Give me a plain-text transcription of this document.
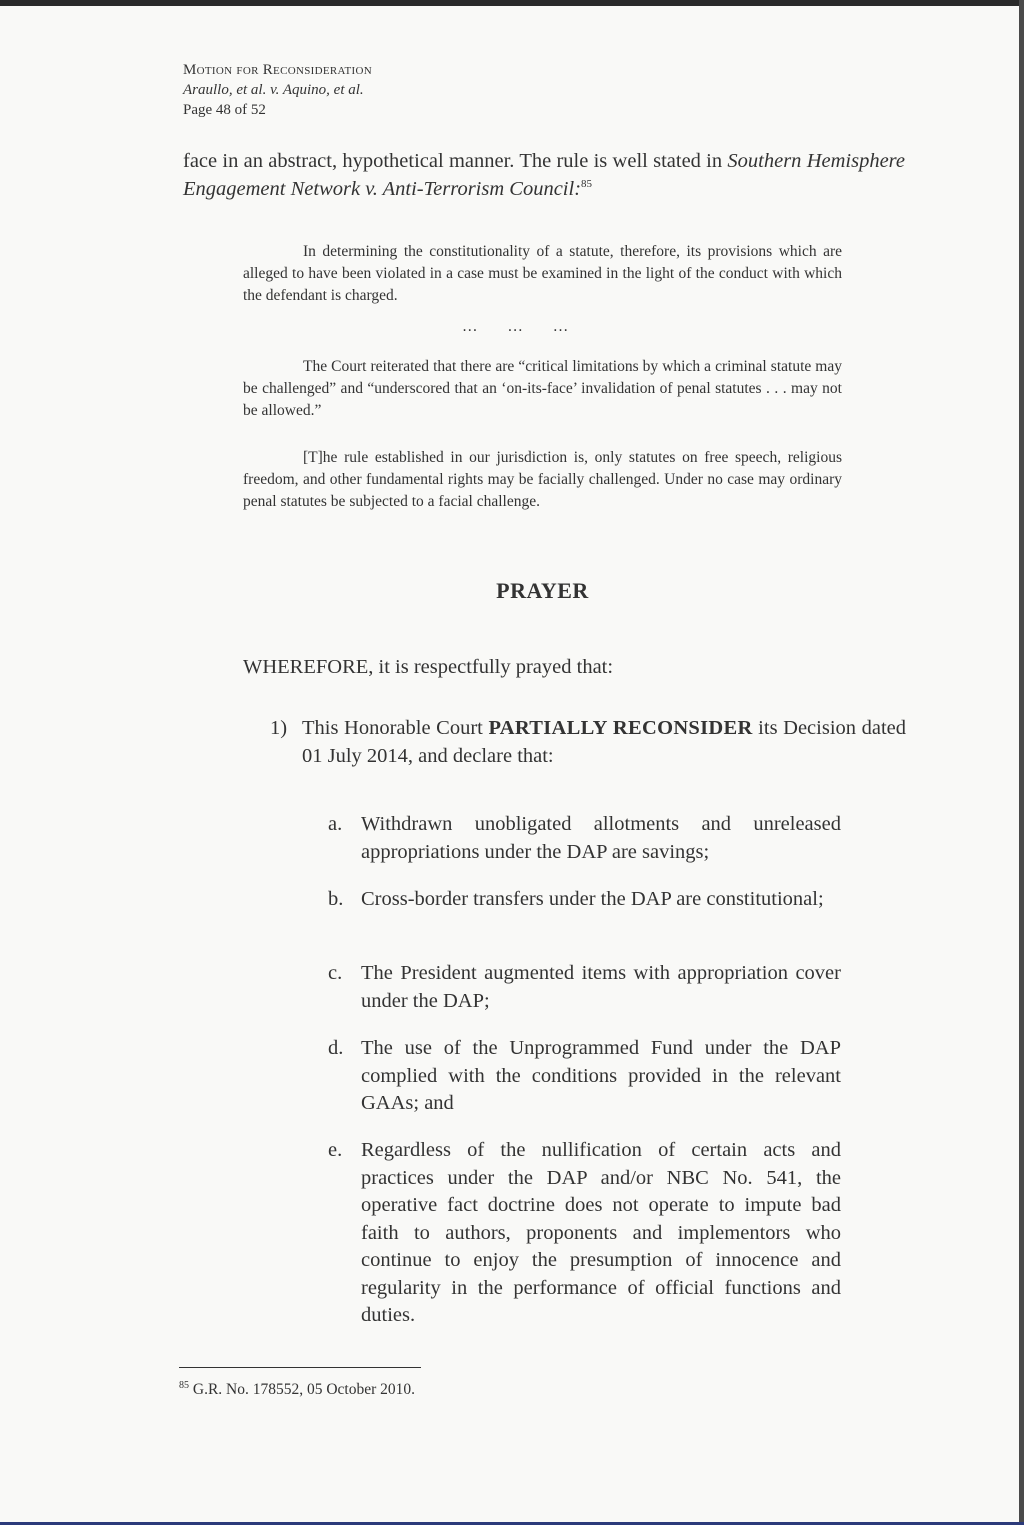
Motion for Reconsideration
Araullo, et al. v. Aquino, et al.
Page 48 of 52
face in an abstract, hypothetical manner. The rule is well stated in Southern Hemisphere Engagement Network v. Anti-Terrorism Council:$^{85}$
In determining the constitutionality of a statute, therefore, its provisions which are alleged to have been violated in a case must be examined in the light of the conduct with which the defendant is charged.
… … …
The Court reiterated that there are “critical limitations by which a criminal statute may be challenged” and “underscored that an ‘on-its-face’ invalidation of penal statutes . . . may not be allowed.”
[T]he rule established in our jurisdiction is, only statutes on free speech, religious freedom, and other fundamental rights may be facially challenged. Under no case may ordinary penal statutes be subjected to a facial challenge.
PRAYER
WHEREFORE, it is respectfully prayed that:
1) This Honorable Court PARTIALLY RECONSIDER its Decision dated 01 July 2014, and declare that:
a. Withdrawn unobligated allotments and unreleased appropriations under the DAP are savings;
b. Cross-border transfers under the DAP are constitutional;
c. The President augmented items with appropriation cover under the DAP;
d. The use of the Unprogrammed Fund under the DAP complied with the conditions provided in the relevant GAAs; and
e. Regardless of the nullification of certain acts and practices under the DAP and/or NBC No. 541, the operative fact doctrine does not operate to impute bad faith to authors, proponents and implementors who continue to enjoy the presumption of innocence and regularity in the performance of official functions and duties.
$^{85}$ G.R. No. 178552, 05 October 2010.
